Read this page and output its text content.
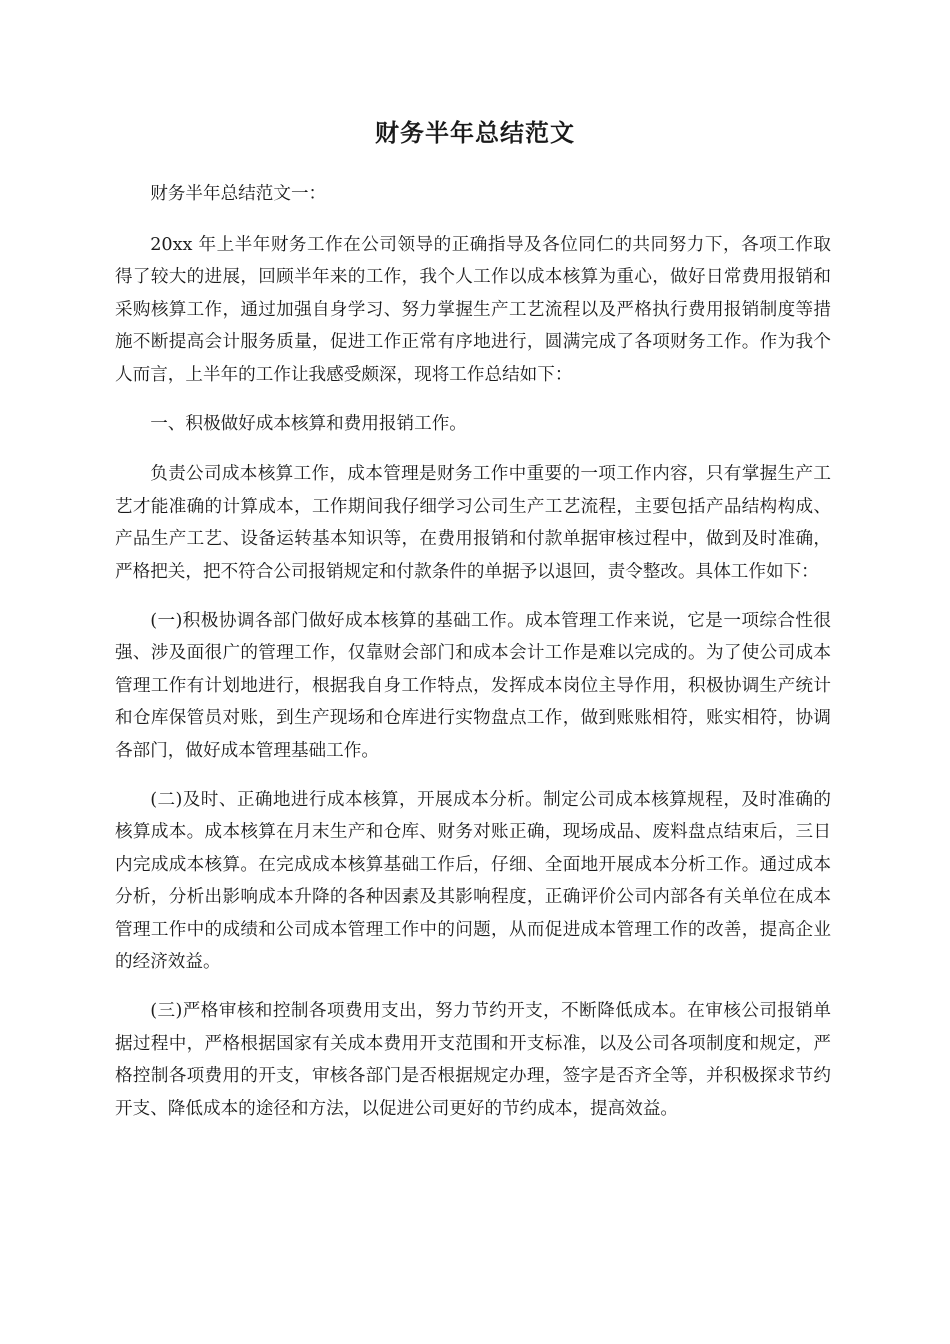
财务半年总结范文

财务半年总结范文一：

20xx 年上半年财务工作在公司领导的正确指导及各位同仁的共同努力下，各项工作取得了较大的进展，回顾半年来的工作，我个人工作以成本核算为重心，做好日常费用报销和采购核算工作，通过加强自身学习、努力掌握生产工艺流程以及严格执行费用报销制度等措施不断提高会计服务质量，促进工作正常有序地进行，圆满完成了各项财务工作。作为我个人而言，上半年的工作让我感受颇深，现将工作总结如下：

一、积极做好成本核算和费用报销工作。

负责公司成本核算工作，成本管理是财务工作中重要的一项工作内容，只有掌握生产工艺才能准确的计算成本，工作期间我仔细学习公司生产工艺流程，主要包括产品结构构成、产品生产工艺、设备运转基本知识等，在费用报销和付款单据审核过程中，做到及时准确，严格把关，把不符合公司报销规定和付款条件的单据予以退回，责令整改。具体工作如下：

(一)积极协调各部门做好成本核算的基础工作。成本管理工作来说，它是一项综合性很强、涉及面很广的管理工作，仅靠财会部门和成本会计工作是难以完成的。为了使公司成本管理工作有计划地进行，根据我自身工作特点，发挥成本岗位主导作用，积极协调生产统计和仓库保管员对账，到生产现场和仓库进行实物盘点工作，做到账账相符，账实相符，协调各部门，做好成本管理基础工作。

(二)及时、正确地进行成本核算，开展成本分析。制定公司成本核算规程，及时准确的核算成本。成本核算在月末生产和仓库、财务对账正确，现场成品、废料盘点结束后，三日内完成成本核算。在完成成本核算基础工作后，仔细、全面地开展成本分析工作。通过成本分析，分析出影响成本升降的各种因素及其影响程度，正确评价公司内部各有关单位在成本管理工作中的成绩和公司成本管理工作中的问题，从而促进成本管理工作的改善，提高企业的经济效益。

(三)严格审核和控制各项费用支出，努力节约开支，不断降低成本。在审核公司报销单据过程中，严格根据国家有关成本费用开支范围和开支标准，以及公司各项制度和规定，严格控制各项费用的开支，审核各部门是否根据规定办理，签字是否齐全等，并积极探求节约开支、降低成本的途径和方法，以促进公司更好的节约成本，提高效益。
